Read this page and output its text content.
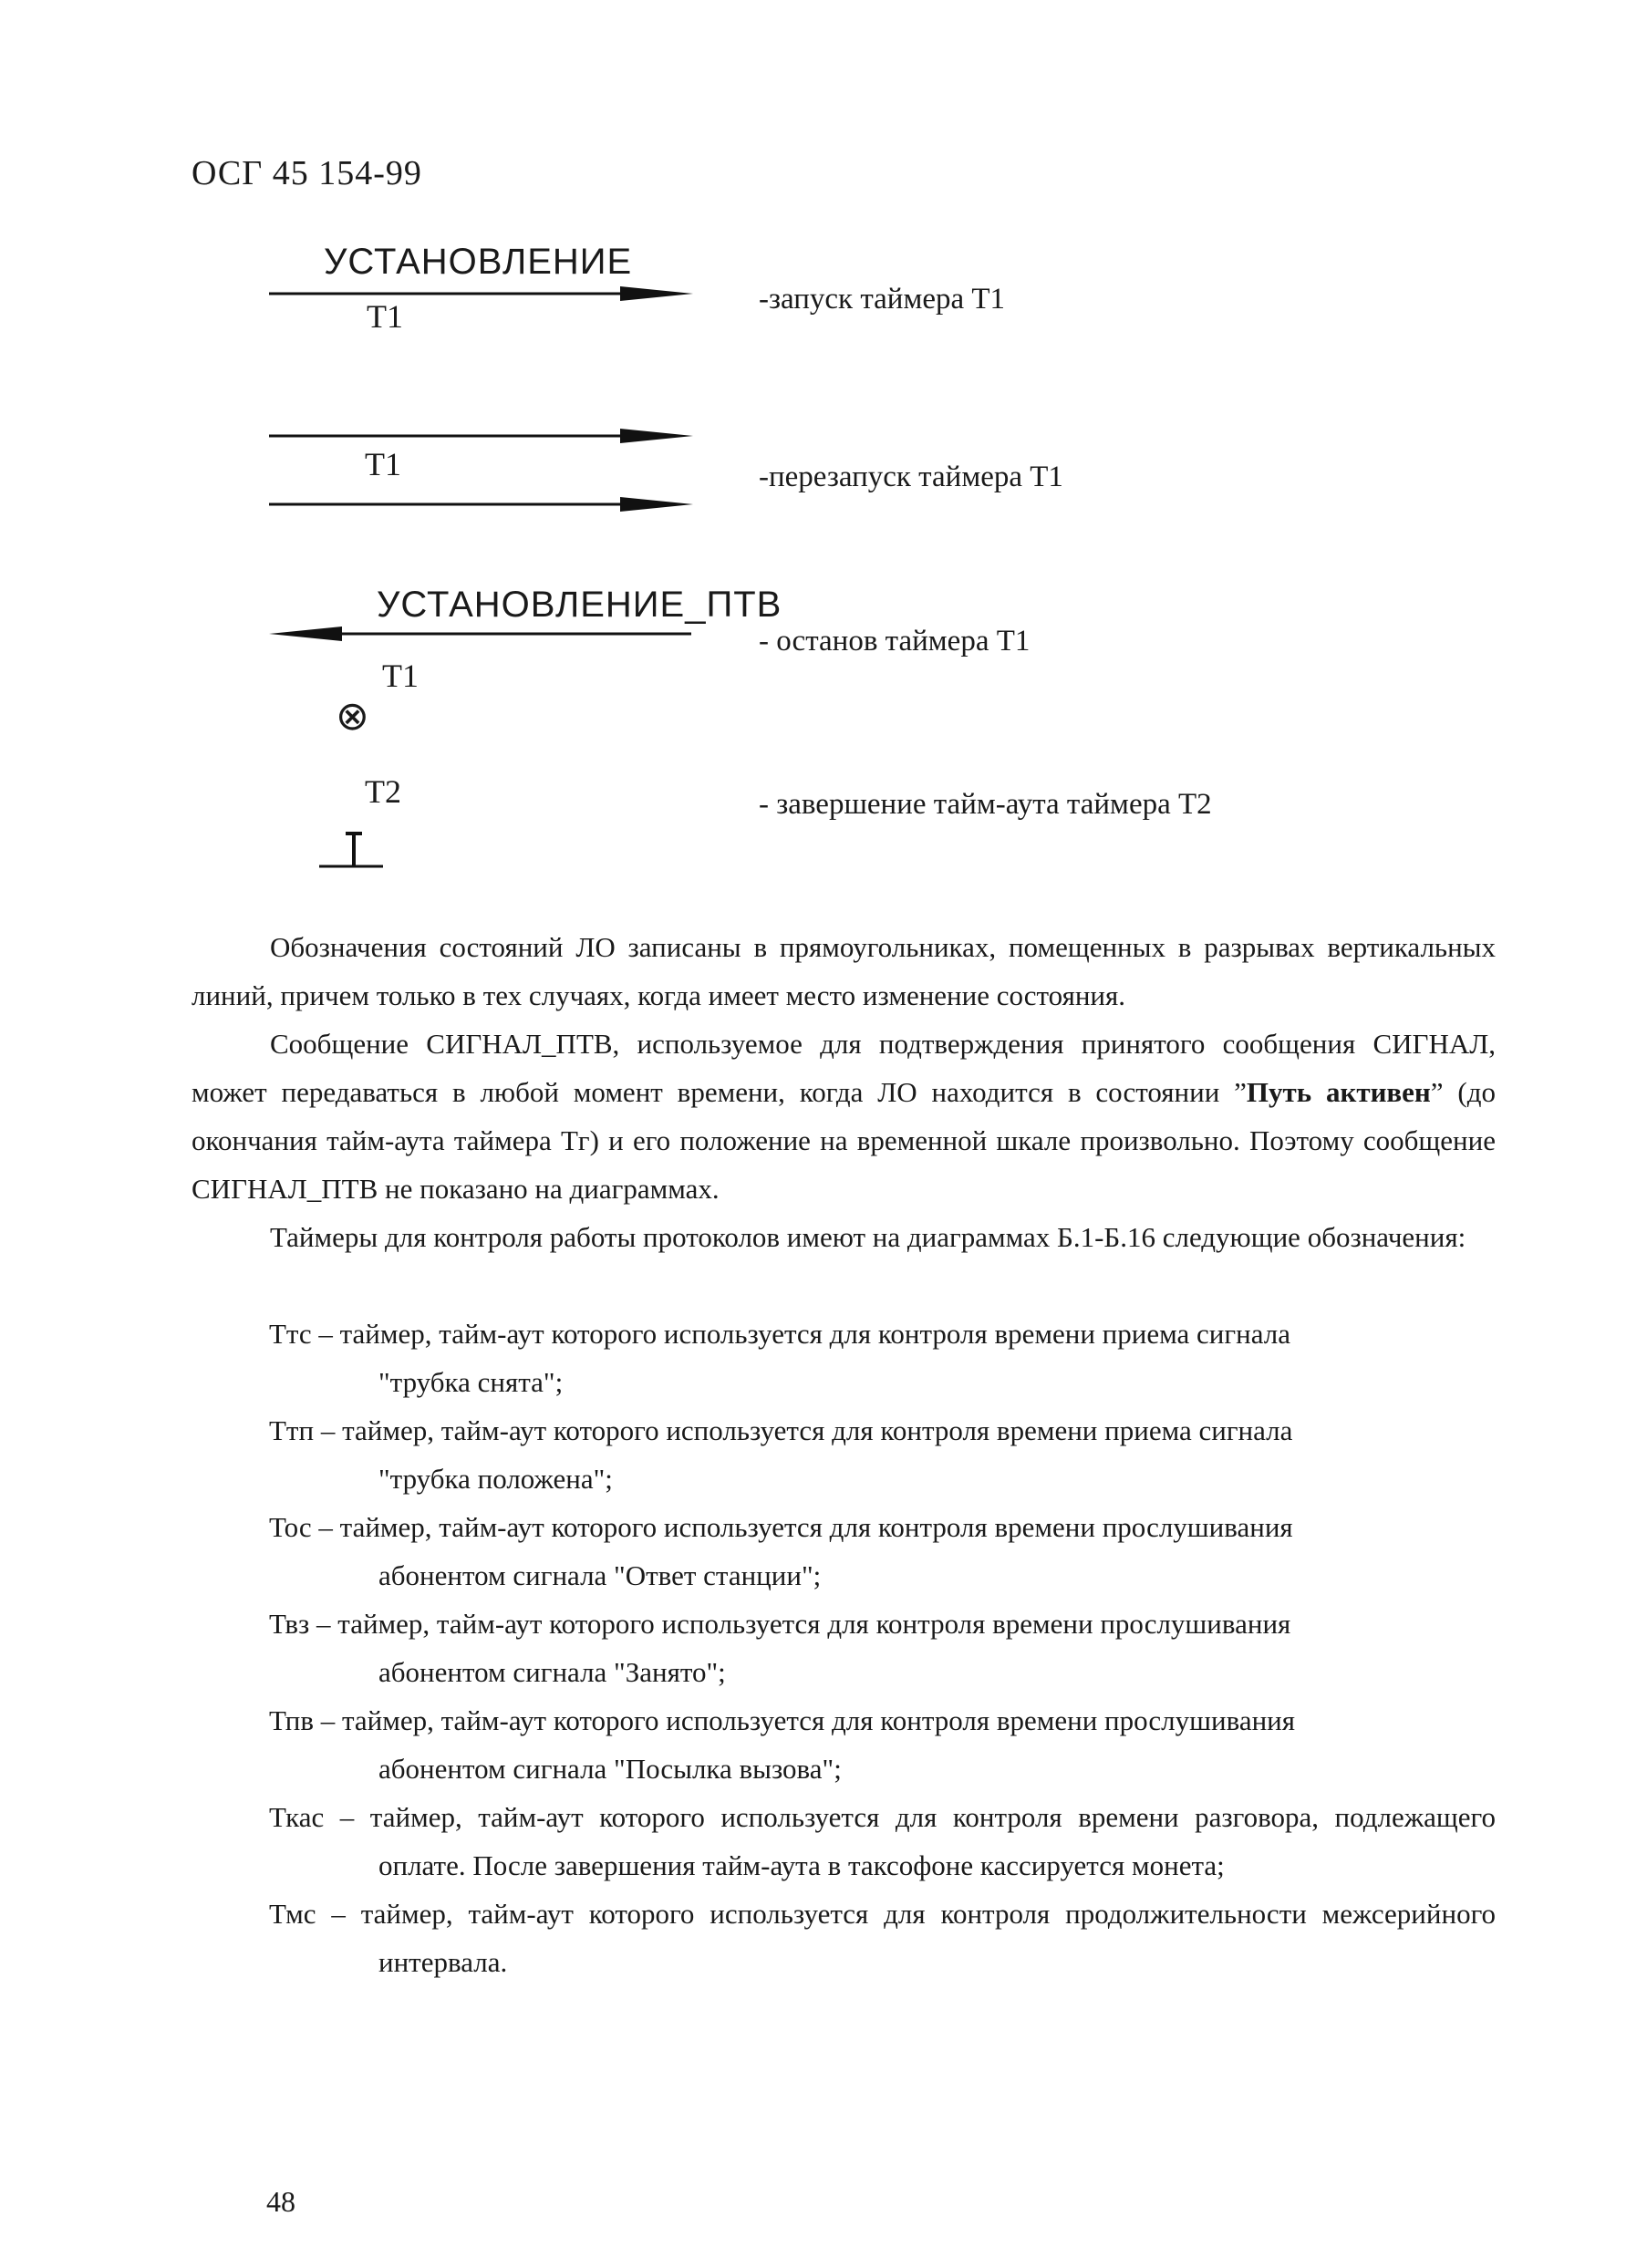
ОСГ 45 154-99
УСТАНОВЛЕНИЕ
Т1	-запуск таймера Т1
Т1	-перезапуск таймера Т1
УСТАНОВЛЕНИЕ_ПТВ
Т1
⊗
- останов таймера Т1
Т2	- завершение тайм-аута таймера Т2
Обозначения состояний ЛО записаны в прямоугольниках, помещенных в разрывах вертикальных линий, причем только в тех случаях, когда имеет место изменение состояния.
Сообщение СИГНАЛ_ПТВ, используемое для подтверждения принятого сообщения СИГНАЛ, может передаваться в любой момент времени, когда ЛО находится в состоянии ”Путь активен” (до окончания тайм-аута таймера Тг) и его положение на временной шкале произвольно. Поэтому сообщение СИГНАЛ_ПТВ не показано на диаграммах.
Таймеры для контроля работы протоколов имеют на диаграммах Б.1-Б.16 следующие обозначения:
Ттс – таймер, тайм-аут которого используется для контроля времени приема сигнала
"трубка снята";
Ттп – таймер, тайм-аут которого используется для контроля времени приема сигнала
"трубка положена";
Тос – таймер, тайм-аут которого используется для контроля времени прослушивания
абонентом сигнала "Ответ станции";
Твз – таймер, тайм-аут которого используется для контроля времени прослушивания
абонентом сигнала "Занято";
Тпв – таймер, тайм-аут которого используется для контроля времени прослушивания
абонентом сигнала "Посылка вызова";
Ткас – таймер, тайм-аут которого используется для контроля времени разговора, подлежащего оплате. После завершения тайм-аута в таксофоне кассируется монета;
Тмс – таймер, тайм-аут которого используется для контроля продолжительности межсерийного интервала.
48
